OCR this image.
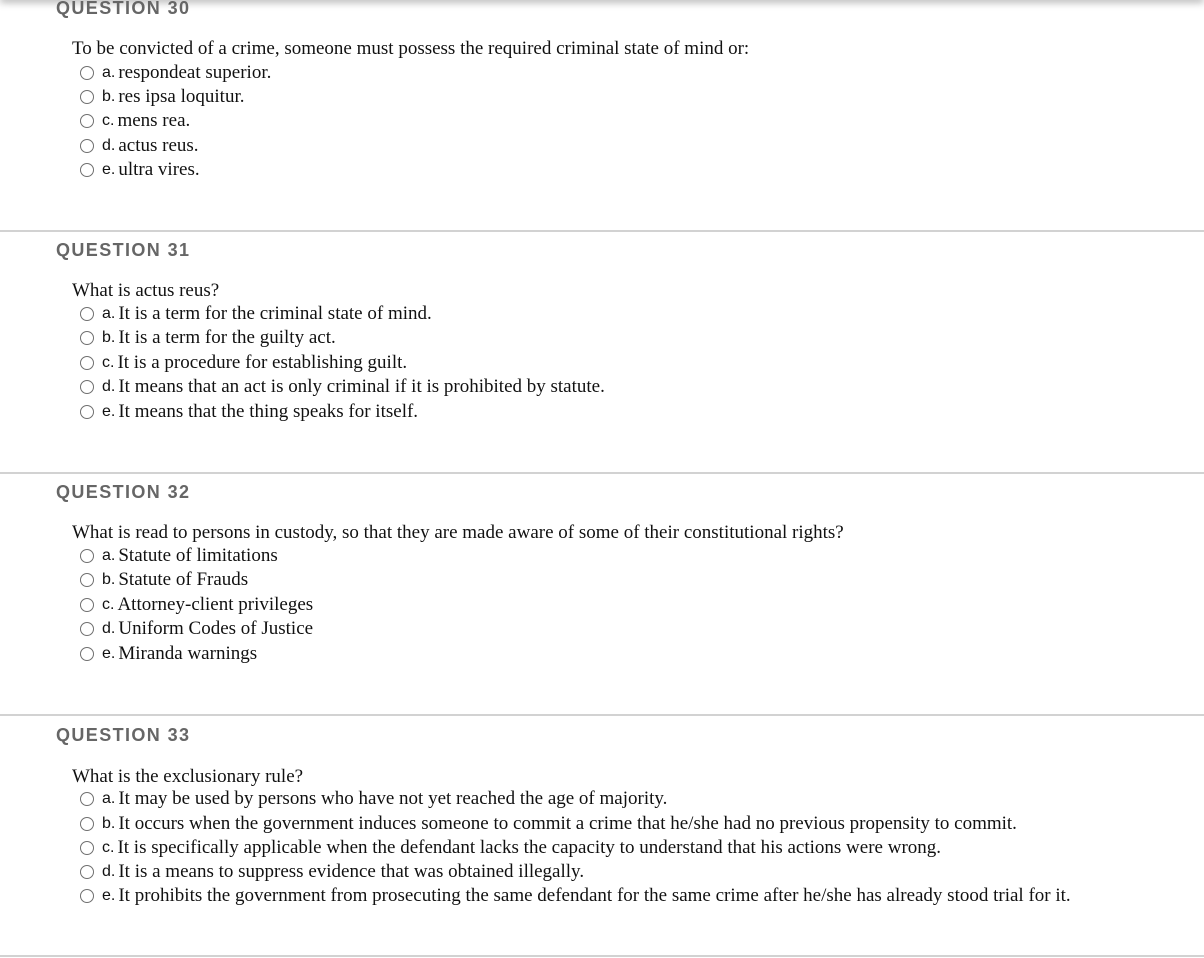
QUESTION 30
To be convicted of a crime, someone must possess the required criminal state of mind or:
a. respondeat superior.
b. res ipsa loquitur.
c. mens rea.
d. actus reus.
e. ultra vires.
QUESTION 31
What is actus reus?
a. It is a term for the criminal state of mind.
b. It is a term for the guilty act.
c. It is a procedure for establishing guilt.
d. It means that an act is only criminal if it is prohibited by statute.
e. It means that the thing speaks for itself.
QUESTION 32
What is read to persons in custody, so that they are made aware of some of their constitutional rights?
a. Statute of limitations
b. Statute of Frauds
c. Attorney-client privileges
d. Uniform Codes of Justice
e. Miranda warnings
QUESTION 33
What is the exclusionary rule?
a. It may be used by persons who have not yet reached the age of majority.
b. It occurs when the government induces someone to commit a crime that he/she had no previous propensity to commit.
c. It is specifically applicable when the defendant lacks the capacity to understand that his actions were wrong.
d. It is a means to suppress evidence that was obtained illegally.
e. It prohibits the government from prosecuting the same defendant for the same crime after he/she has already stood trial for it.
